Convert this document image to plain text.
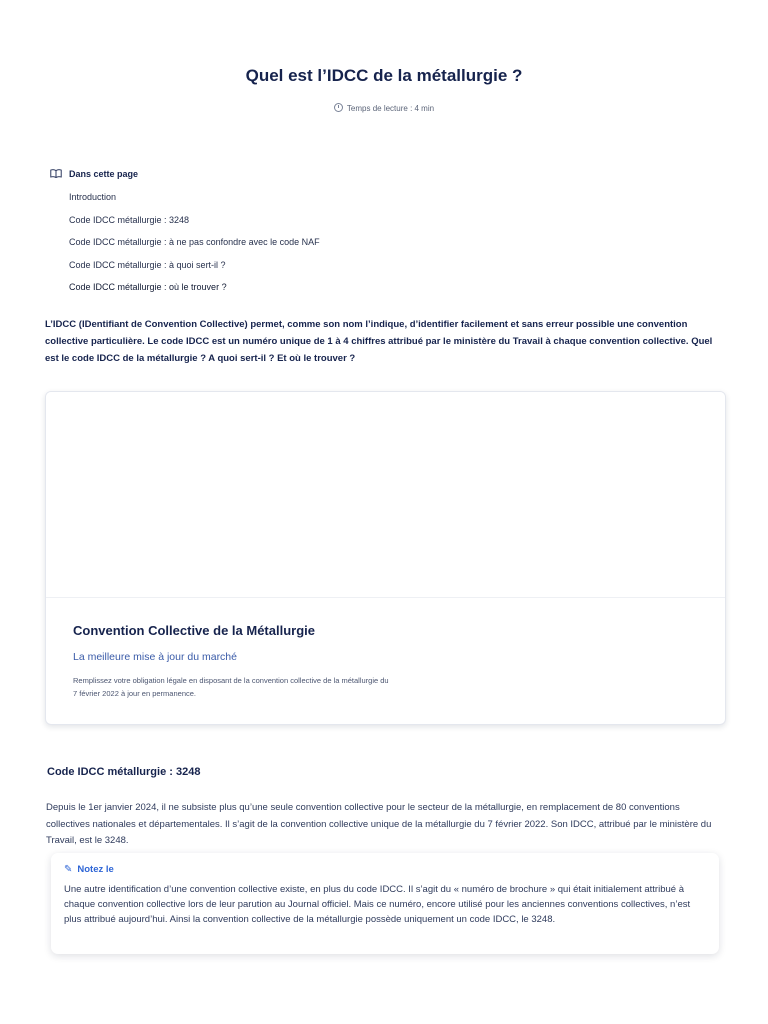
Quel est l’IDCC de la métallurgie ?
Temps de lecture : 4 min
Dans cette page
Introduction
Code IDCC métallurgie : 3248
Code IDCC métallurgie : à ne pas confondre avec le code NAF
Code IDCC métallurgie : à quoi sert-il ?
Code IDCC métallurgie : où le trouver ?

L’IDCC (IDentifiant de Convention Collective) permet, comme son nom l’indique, d’identifier facilement et sans erreur possible une convention collective particulière. Le code IDCC est un numéro unique de 1 à 4 chiffres attribué par le ministère du Travail à chaque convention collective. Quel est le code IDCC de la métallurgie ? A quoi sert-il ? Et où le trouver ?

Convention Collective de la Métallurgie
La meilleure mise à jour du marché
Remplissez votre obligation légale en disposant de la convention collective de la métallurgie du 7 février 2022 à jour en permanence.
Code IDCC métallurgie : 3248

Depuis le 1er janvier 2024, il ne subsiste plus qu’une seule convention collective pour le secteur de la métallurgie, en remplacement de 80 conventions collectives nationales et départementales. Il s’agit de la convention collective unique de la métallurgie du 7 février 2022. Son IDCC, attribué par le ministère du Travail, est le 3248.

✎ Notez le

Une autre identification d’une convention collective existe, en plus du code IDCC. Il s’agit du « numéro de brochure » qui était initialement attribué à chaque convention collective lors de leur parution au Journal officiel. Mais ce numéro, encore utilisé pour les anciennes conventions collectives, n’est plus attribué aujourd’hui. Ainsi la convention collective de la métallurgie possède uniquement un code IDCC, le 3248.
